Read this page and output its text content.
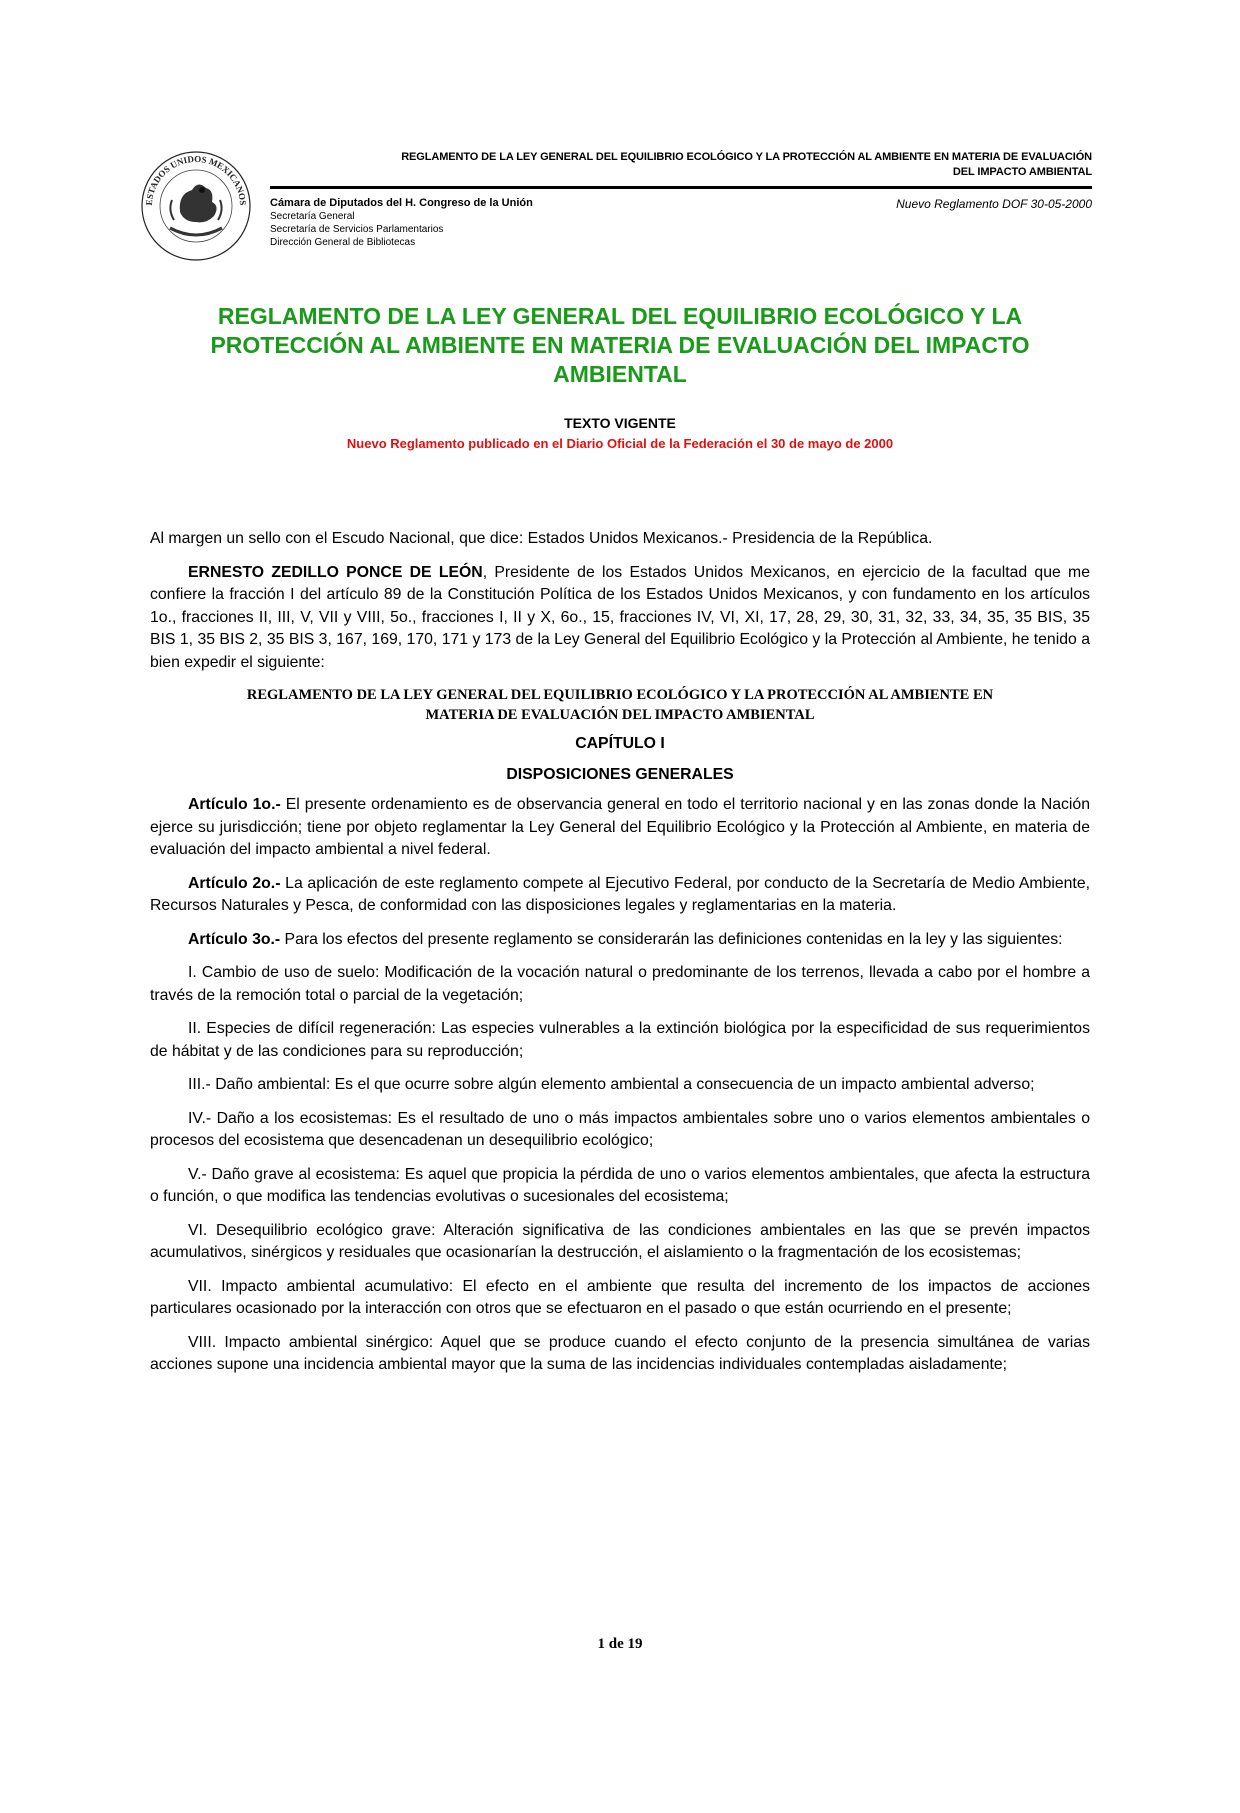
ESTADOS UNIDOS MEXICANOS
REGLAMENTO DE LA LEY GENERAL DEL EQUILIBRIO ECOLÓGICO Y LA PROTECCIÓN AL AMBIENTE EN MATERIA DE EVALUACIÓN
DEL IMPACTO AMBIENTAL
Cámara de Diputados del H. Congreso de la Unión
Secretaría General
Secretaría de Servicios Parlamentarios
Dirección General de Bibliotecas
Nuevo Reglamento DOF 30-05-2000
REGLAMENTO DE LA LEY GENERAL DEL EQUILIBRIO ECOLÓGICO Y LA
PROTECCIÓN AL AMBIENTE EN MATERIA DE EVALUACIÓN DEL IMPACTO
AMBIENTAL
TEXTO VIGENTE
Nuevo Reglamento publicado en el Diario Oficial de la Federación el 30 de mayo de 2000

Al margen un sello con el Escudo Nacional, que dice: Estados Unidos Mexicanos.- Presidencia de la República.

ERNESTO ZEDILLO PONCE DE LEÓN, Presidente de los Estados Unidos Mexicanos, en ejercicio de la facultad que me confiere la fracción I del artículo 89 de la Constitución Política de los Estados Unidos Mexicanos, y con fundamento en los artículos 1o., fracciones II, III, V, VII y VIII, 5o., fracciones I, II y X, 6o., 15, fracciones IV, VI, XI, 17, 28, 29, 30, 31, 32, 33, 34, 35, 35 BIS, 35 BIS 1, 35 BIS 2, 35 BIS 3, 167, 169, 170, 171 y 173 de la Ley General del Equilibrio Ecológico y la Protección al Ambiente, he tenido a bien expedir el siguiente:

REGLAMENTO DE LA LEY GENERAL DEL EQUILIBRIO ECOLÓGICO Y LA PROTECCIÓN AL AMBIENTE EN
MATERIA DE EVALUACIÓN DEL IMPACTO AMBIENTAL

CAPÍTULO I

DISPOSICIONES GENERALES

Artículo 1o.- El presente ordenamiento es de observancia general en todo el territorio nacional y en las zonas donde la Nación ejerce su jurisdicción; tiene por objeto reglamentar la Ley General del Equilibrio Ecológico y la Protección al Ambiente, en materia de evaluación del impacto ambiental a nivel federal.

Artículo 2o.- La aplicación de este reglamento compete al Ejecutivo Federal, por conducto de la Secretaría de Medio Ambiente, Recursos Naturales y Pesca, de conformidad con las disposiciones legales y reglamentarias en la materia.

Artículo 3o.- Para los efectos del presente reglamento se considerarán las definiciones contenidas en la ley y las siguientes:

I. Cambio de uso de suelo: Modificación de la vocación natural o predominante de los terrenos, llevada a cabo por el hombre a través de la remoción total o parcial de la vegetación;

II. Especies de difícil regeneración: Las especies vulnerables a la extinción biológica por la especificidad de sus requerimientos de hábitat y de las condiciones para su reproducción;

III.- Daño ambiental: Es el que ocurre sobre algún elemento ambiental a consecuencia de un impacto ambiental adverso;

IV.- Daño a los ecosistemas: Es el resultado de uno o más impactos ambientales sobre uno o varios elementos ambientales o procesos del ecosistema que desencadenan un desequilibrio ecológico;

V.- Daño grave al ecosistema: Es aquel que propicia la pérdida de uno o varios elementos ambientales, que afecta la estructura o función, o que modifica las tendencias evolutivas o sucesionales del ecosistema;

VI. Desequilibrio ecológico grave: Alteración significativa de las condiciones ambientales en las que se prevén impactos acumulativos, sinérgicos y residuales que ocasionarían la destrucción, el aislamiento o la fragmentación de los ecosistemas;

VII. Impacto ambiental acumulativo: El efecto en el ambiente que resulta del incremento de los impactos de acciones particulares ocasionado por la interacción con otros que se efectuaron en el pasado o que están ocurriendo en el presente;

VIII. Impacto ambiental sinérgico: Aquel que se produce cuando el efecto conjunto de la presencia simultánea de varias acciones supone una incidencia ambiental mayor que la suma de las incidencias individuales contempladas aisladamente;

1 de 19
